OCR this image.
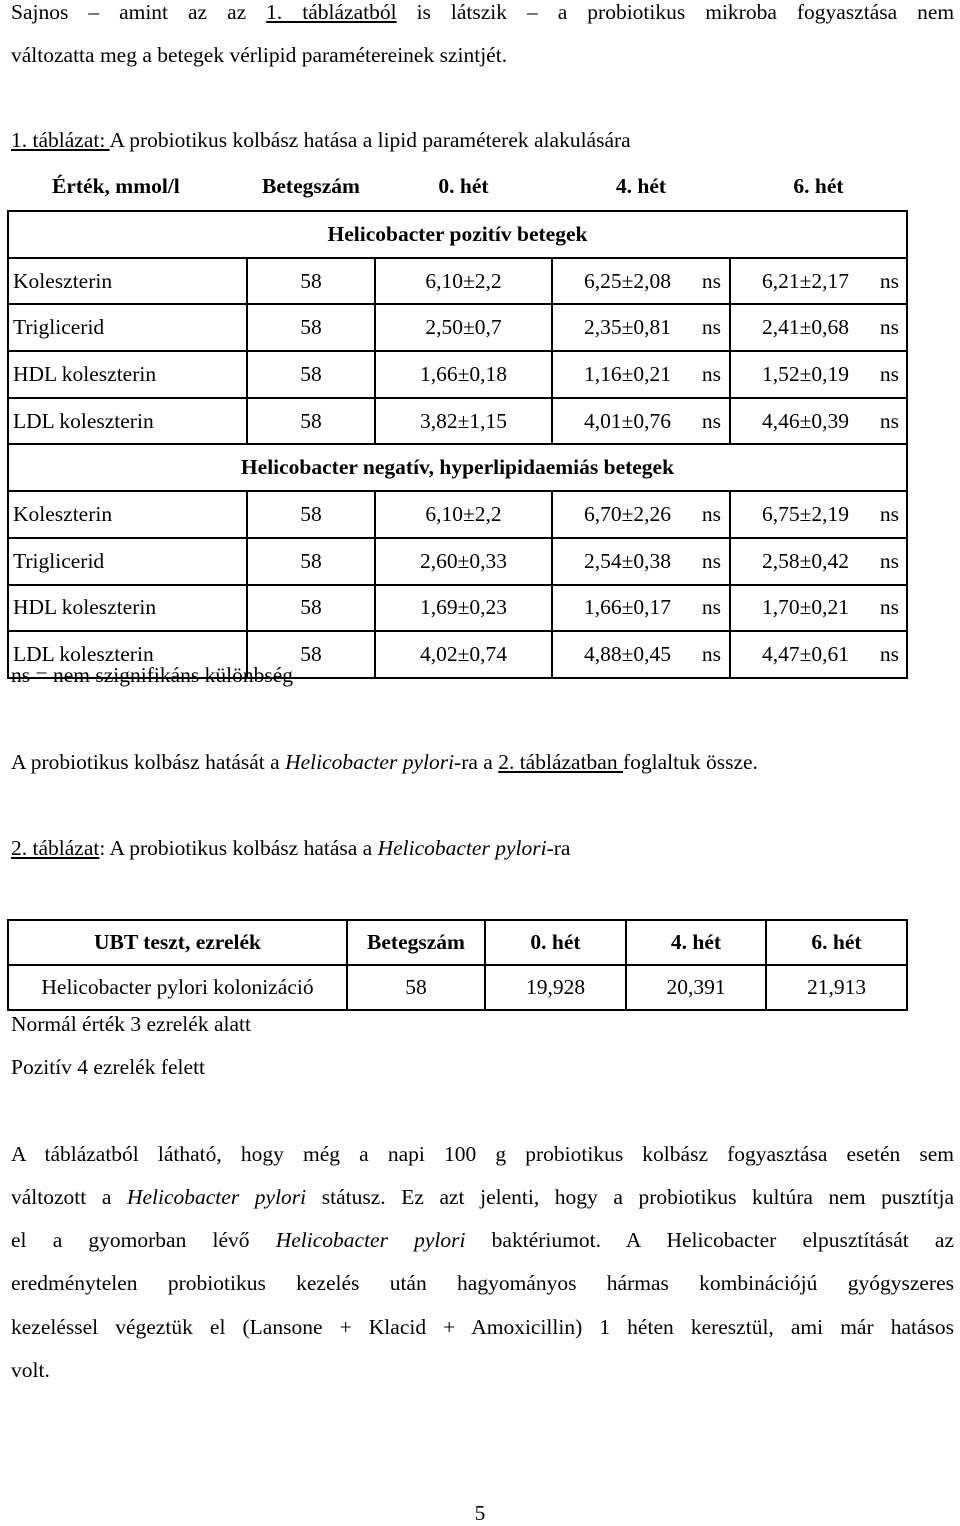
Sajnos – amint az az 1. táblázatból is látszik – a probiotikus mikroba fogyasztása nem
változatta meg a betegek vérlipid paramétereinek szintjét.
1. táblázat: A probiotikus kolbász hatása a lipid paraméterek alakulására
Érték, mmol/l	Betegszám	0. hét	4. hét	6. hét
Helicobacter pozitív betegek				
Koleszterin	58	6,10±2,2	6,25±2,08 ns	6,21±2,17 ns
Triglicerid	58	2,50±0,7	2,35±0,81 ns	2,41±0,68 ns
HDL koleszterin	58	1,66±0,18	1,16±0,21 ns	1,52±0,19 ns
LDL koleszterin	58	3,82±1,15	4,01±0,76 ns	4,46±0,39 ns
Helicobacter negatív, hyperlipidaemiás betegek				
Koleszterin	58	6,10±2,2	6,70±2,26 ns	6,75±2,19 ns
Triglicerid	58	2,60±0,33	2,54±0,38 ns	2,58±0,42 ns
HDL koleszterin	58	1,69±0,23	1,66±0,17 ns	1,70±0,21 ns
LDL koleszterin	58	4,02±0,74	4,88±0,45 ns	4,47±0,61 ns
ns = nem szignifikáns különbség
A probiotikus kolbász hatását a Helicobacter pylori-ra a 2. táblázatban foglaltuk össze.
2. táblázat: A probiotikus kolbász hatása a Helicobacter pylori-ra
UBT teszt, ezrelék	Betegszám	0. hét	4. hét	6. hét
Helicobacter pylori kolonizáció	58	19,928	20,391	21,913
Normál érték 3 ezrelék alatt
Pozitív 4 ezrelék felett
A táblázatból látható, hogy még a napi 100 g probiotikus kolbász fogyasztása esetén sem
változott a Helicobacter pylori státusz. Ez azt jelenti, hogy a probiotikus kultúra nem pusztítja
el a gyomorban lévő Helicobacter pylori baktériumot. A Helicobacter elpusztítását az
eredménytelen probiotikus kezelés után hagyományos hármas kombinációjú gyógyszeres
kezeléssel végeztük el (Lansone + Klacid + Amoxicillin) 1 héten keresztül, ami már hatásos
volt.
5
